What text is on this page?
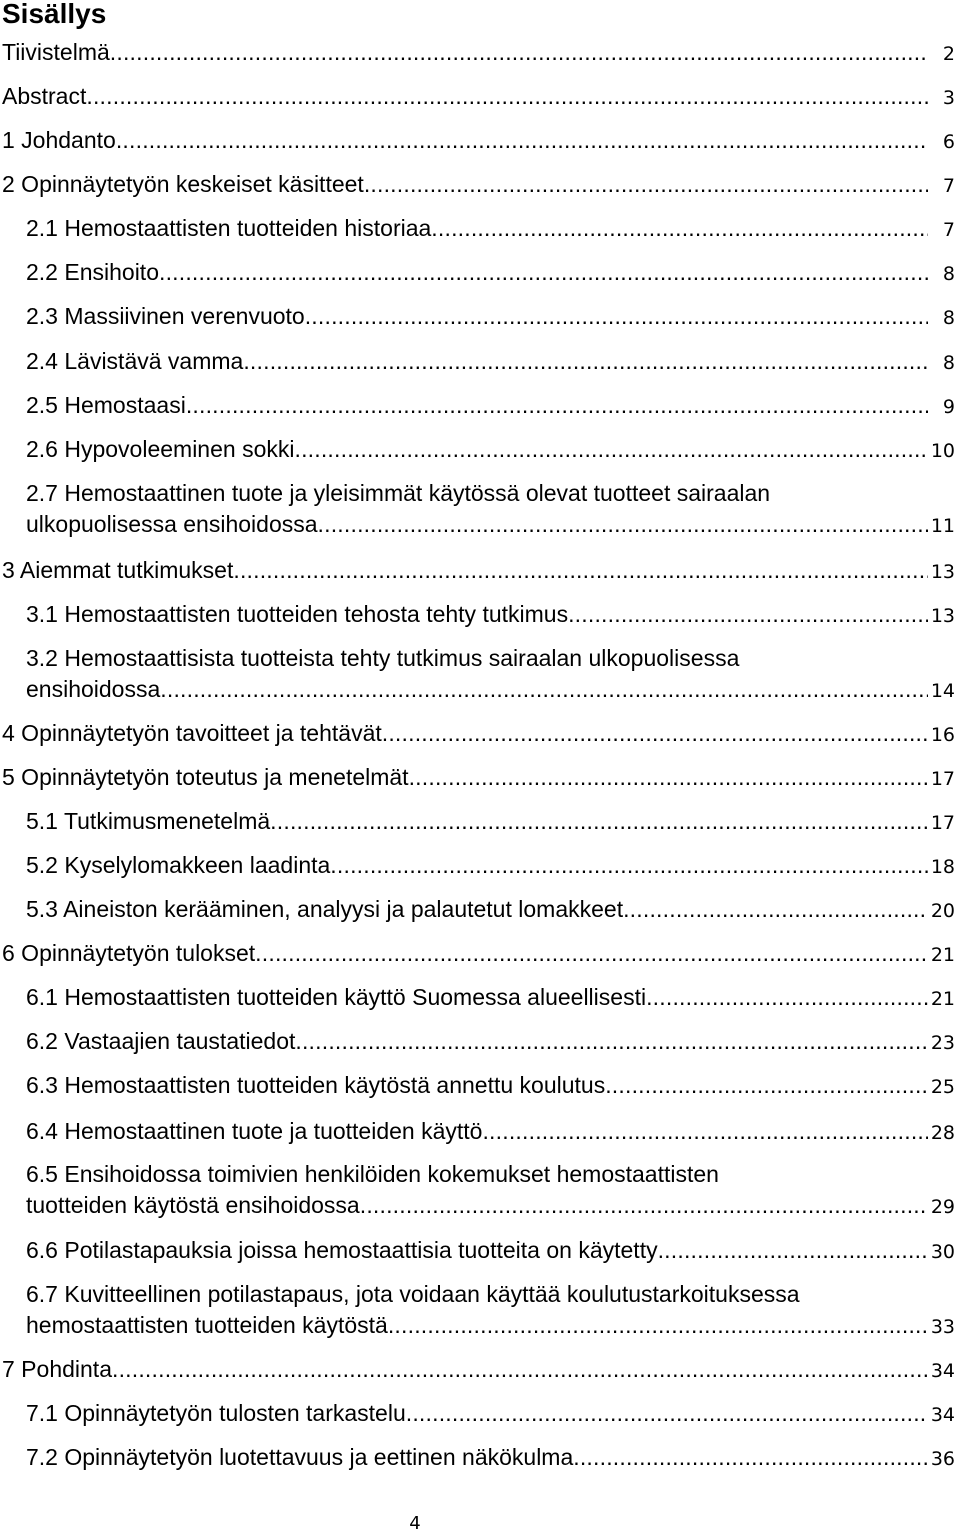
Sisällys
Tiivistelmä .....	2
Abstract .....	3
1 Johdanto .....	6
2 Opinnäytetyön keskeiset käsitteet .....	7
2.1 Hemostaattisten tuotteiden historiaa .....	7
2.2 Ensihoito .....	8
2.3 Massiivinen verenvuoto .....	8
2.4 Lävistävä vamma .....	8
2.5 Hemostaasi .....	9
2.6 Hypovoleeminen sokki .....	10
2.7 Hemostaattinen tuote ja yleisimmät käytössä olevat tuotteet sairaalan
ulkopuolisessa ensihoidossa .....	11
3 Aiemmat tutkimukset .....	13
3.1 Hemostaattisten tuotteiden tehosta tehty tutkimus .....	13
3.2 Hemostaattisista tuotteista tehty tutkimus sairaalan ulkopuolisessa
ensihoidossa .....	14
4 Opinnäytetyön tavoitteet ja tehtävät .....	16
5 Opinnäytetyön toteutus ja menetelmät .....	17
5.1 Tutkimusmenetelmä .....	17
5.2 Kyselylomakkeen laadinta .....	18
5.3 Aineiston kerääminen, analyysi ja palautetut lomakkeet .....	20
6 Opinnäytetyön tulokset .....	21
6.1 Hemostaattisten tuotteiden käyttö Suomessa alueellisesti .....	21
6.2 Vastaajien taustatiedot .....	23
6.3 Hemostaattisten tuotteiden käytöstä annettu koulutus .....	25
6.4 Hemostaattinen tuote ja tuotteiden käyttö .....	28
6.5 Ensihoidossa toimivien henkilöiden kokemukset hemostaattisten
tuotteiden käytöstä ensihoidossa .....	29
6.6 Potilastapauksia joissa hemostaattisia tuotteita on käytetty .....	30
6.7 Kuvitteellinen potilastapaus, jota voidaan käyttää koulutustarkoituksessa
hemostaattisten tuotteiden käytöstä .....	33
7 Pohdinta .....	34
7.1 Opinnäytetyön tulosten tarkastelu .....	34
7.2 Opinnäytetyön luotettavuus ja eettinen näkökulma .....	36
4
